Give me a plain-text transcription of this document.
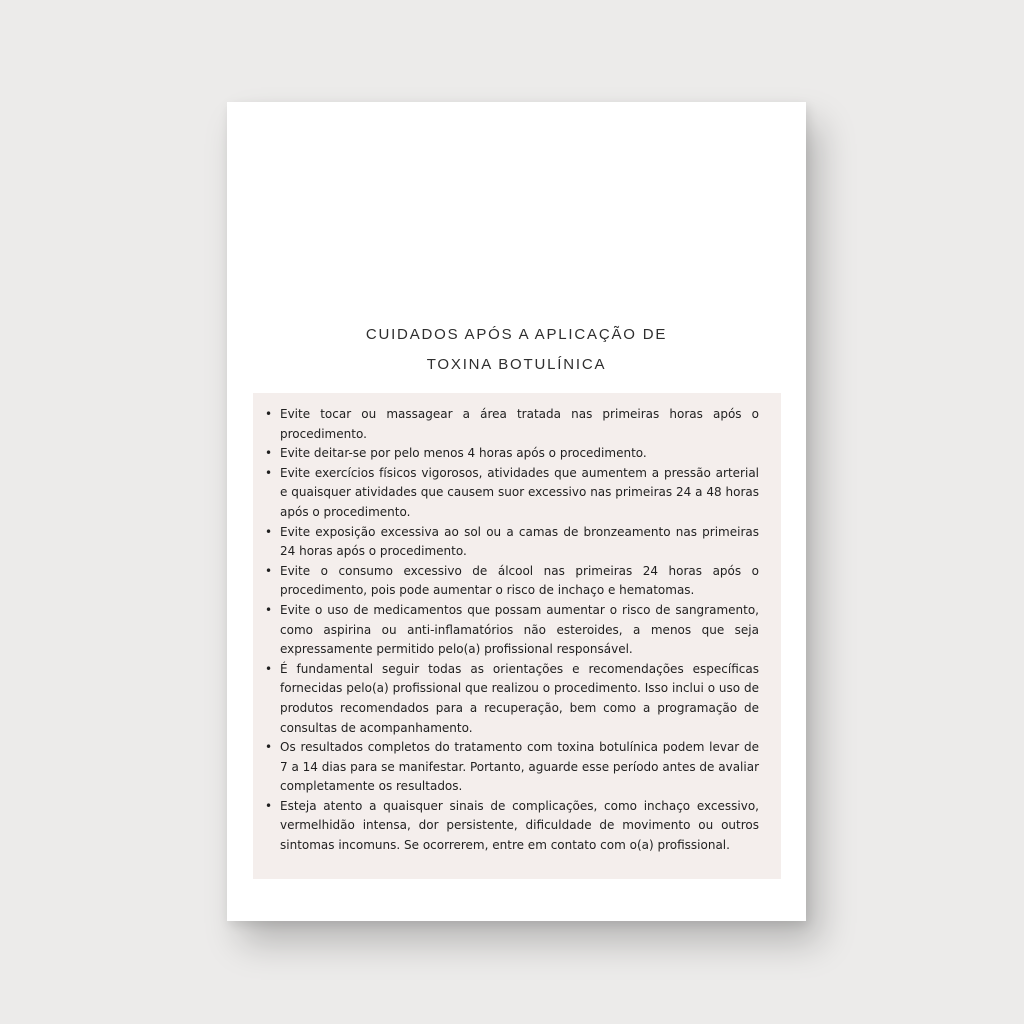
CUIDADOS APÓS A APLICAÇÃO DE
TOXINA BOTULÍNICA
• Evite tocar ou massagear a área tratada nas primeiras horas após o procedimento.
• Evite deitar-se por pelo menos 4 horas após o procedimento.
• Evite exercícios físicos vigorosos, atividades que aumentem a pressão arterial e quaisquer atividades que causem suor excessivo nas primeiras 24 a 48 horas após o procedimento.
• Evite exposição excessiva ao sol ou a camas de bronzeamento nas primeiras 24 horas após o procedimento.
• Evite o consumo excessivo de álcool nas primeiras 24 horas após o procedimento, pois pode aumentar o risco de inchaço e hematomas.
• Evite o uso de medicamentos que possam aumentar o risco de sangramento, como aspirina ou anti-inflamatórios não esteroides, a menos que seja expressamente permitido pelo(a) profissional responsável.
• É fundamental seguir todas as orientações e recomendações específicas fornecidas pelo(a) profissional que realizou o procedimento. Isso inclui o uso de produtos recomendados para a recuperação, bem como a programação de consultas de acompanhamento.
• Os resultados completos do tratamento com toxina botulínica podem levar de 7 a 14 dias para se manifestar. Portanto, aguarde esse período antes de avaliar completamente os resultados.
• Esteja atento a quaisquer sinais de complicações, como inchaço excessivo, vermelhidão intensa, dor persistente, dificuldade de movimento ou outros sintomas incomuns. Se ocorrerem, entre em contato com o(a) profissional.
